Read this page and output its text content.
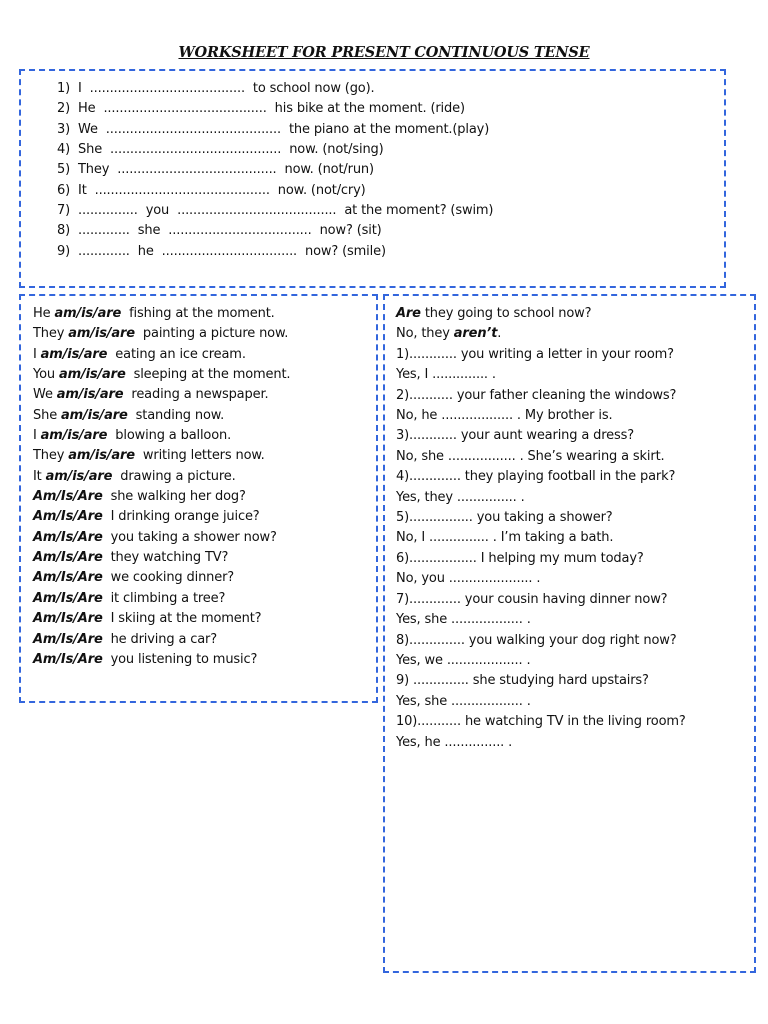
WORKSHEET FOR PRESENT CONTINUOUS TENSE
1)  I  .......................................  to school now (go).
2)  He  .........................................  his bike at the moment. (ride)
3)  We  ............................................  the piano at the moment.(play)
4)  She  ...........................................  now. (not/sing)
5)  They  ........................................  now. (not/run)
6)  It  ............................................  now. (not/cry)
7)  ...............  you  ........................................  at the moment? (swim)
8)  .............  she  ....................................  now? (sit)
9)  .............  he  ..................................  now? (smile)
He am/is/are  fishing at the moment.
They am/is/are  painting a picture now.
I am/is/are  eating an ice cream.
You am/is/are  sleeping at the moment.
We am/is/are  reading a newspaper.
She am/is/are  standing now.
I am/is/are  blowing a balloon.
They am/is/are  writing letters now.
It am/is/are  drawing a picture.
Am/Is/Are  she walking her dog?
Am/Is/Are  I drinking orange juice?
Am/Is/Are  you taking a shower now?
Am/Is/Are  they watching TV?
Am/Is/Are  we cooking dinner?
Am/Is/Are  it climbing a tree?
Am/Is/Are  I skiing at the moment?
Am/Is/Are  he driving a car?
Am/Is/Are  you listening to music?
Are they going to school now?
No, they aren’t.
1)............ you writing a letter in your room?
Yes, I .............. .
2)........... your father cleaning the windows?
No, he .................. . My brother is.
3)............ your aunt wearing a dress?
No, she ................. . She’s wearing a skirt.
4)............. they playing football in the park?
Yes, they ............... .
5)................ you taking a shower?
No, I ............... . I’m taking a bath.
6)................. I helping my mum today?
No, you ..................... .
7)............. your cousin having dinner now?
Yes, she .................. .
8).............. you walking your dog right now?
Yes, we ................... .
9) .............. she studying hard upstairs?
Yes, she .................. .
10)........... he watching TV in the living room?
Yes, he ............... .
